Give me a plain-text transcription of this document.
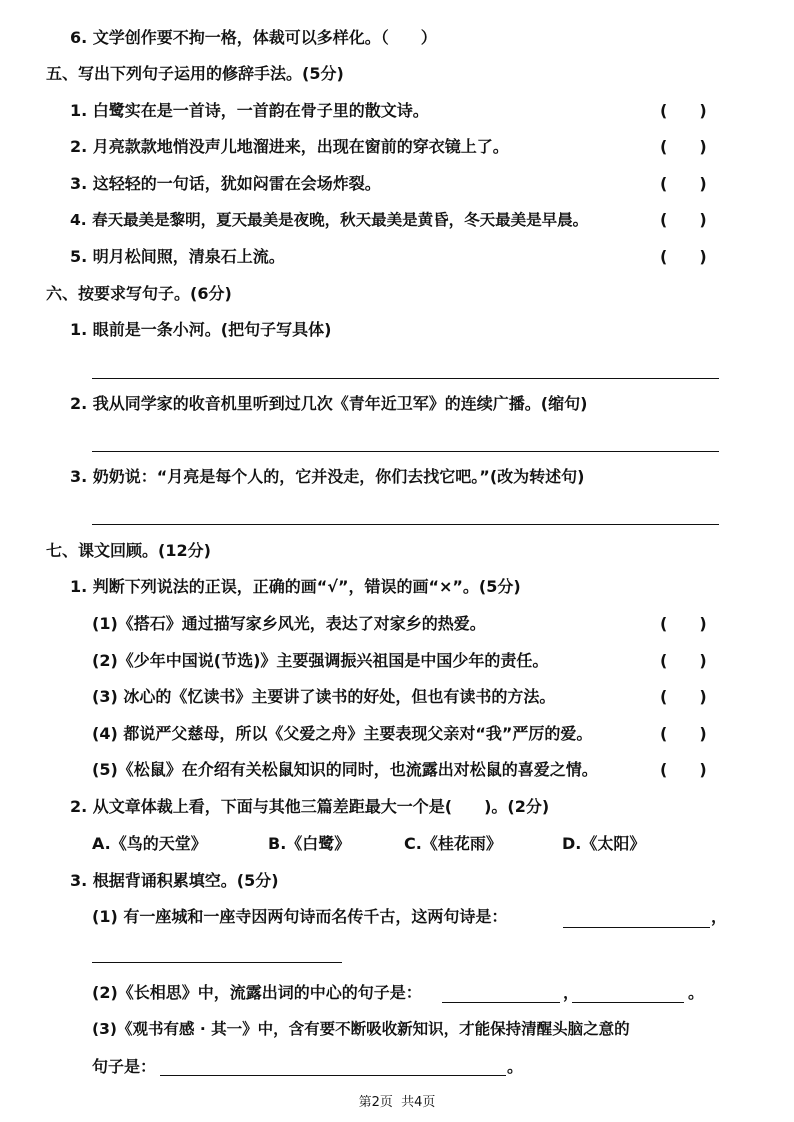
6. 文学创作要不拘一格，体裁可以多样化。（　　）
五、写出下列句子运用的修辞手法。(5分)
1. 白鹭实在是一首诗，一首韵在骨子里的散文诗。	(　　)
2. 月亮款款地悄没声儿地溜进来，出现在窗前的穿衣镜上了。	(　　)
3. 这轻轻的一句话，犹如闷雷在会场炸裂。	(　　)
4. 春天最美是黎明，夏天最美是夜晚，秋天最美是黄昏，冬天最美是早晨。	(　　)
5. 明月松间照，清泉石上流。	(　　)
六、按要求写句子。(6分)
1. 眼前是一条小河。(把句子写具体)
2. 我从同学家的收音机里听到过几次《青年近卫军》的连续广播。(缩句)
3. 奶奶说：“月亮是每个人的，它并没走，你们去找它吧。”(改为转述句)
七、课文回顾。(12分)
1. 判断下列说法的正误，正确的画“√”，错误的画“×”。(5分)
(1)《搭石》通过描写家乡风光，表达了对家乡的热爱。	(　　)
(2)《少年中国说(节选)》主要强调振兴祖国是中国少年的责任。	(　　)
(3) 冰心的《忆读书》主要讲了读书的好处，但也有读书的方法。	(　　)
(4) 都说严父慈母，所以《父爱之舟》主要表现父亲对“我”严厉的爱。	(　　)
(5)《松鼠》在介绍有关松鼠知识的同时，也流露出对松鼠的喜爱之情。	(　　)
2. 从文章体裁上看，下面与其他三篇差距最大一个是(　　)。(2分)
A.《鸟的天堂》	B.《白鹭》	C.《桂花雨》	D.《太阳》
3. 根据背诵积累填空。(5分)
(1) 有一座城和一座寺因两句诗而名传千古，这两句诗是：	，
(2)《长相思》中，流露出词的中心的句子是：	，	。
(3)《观书有感 · 其一》中，含有要不断吸收新知识，才能保持清醒头脑之意的
句子是：	。
第2页 共4页
